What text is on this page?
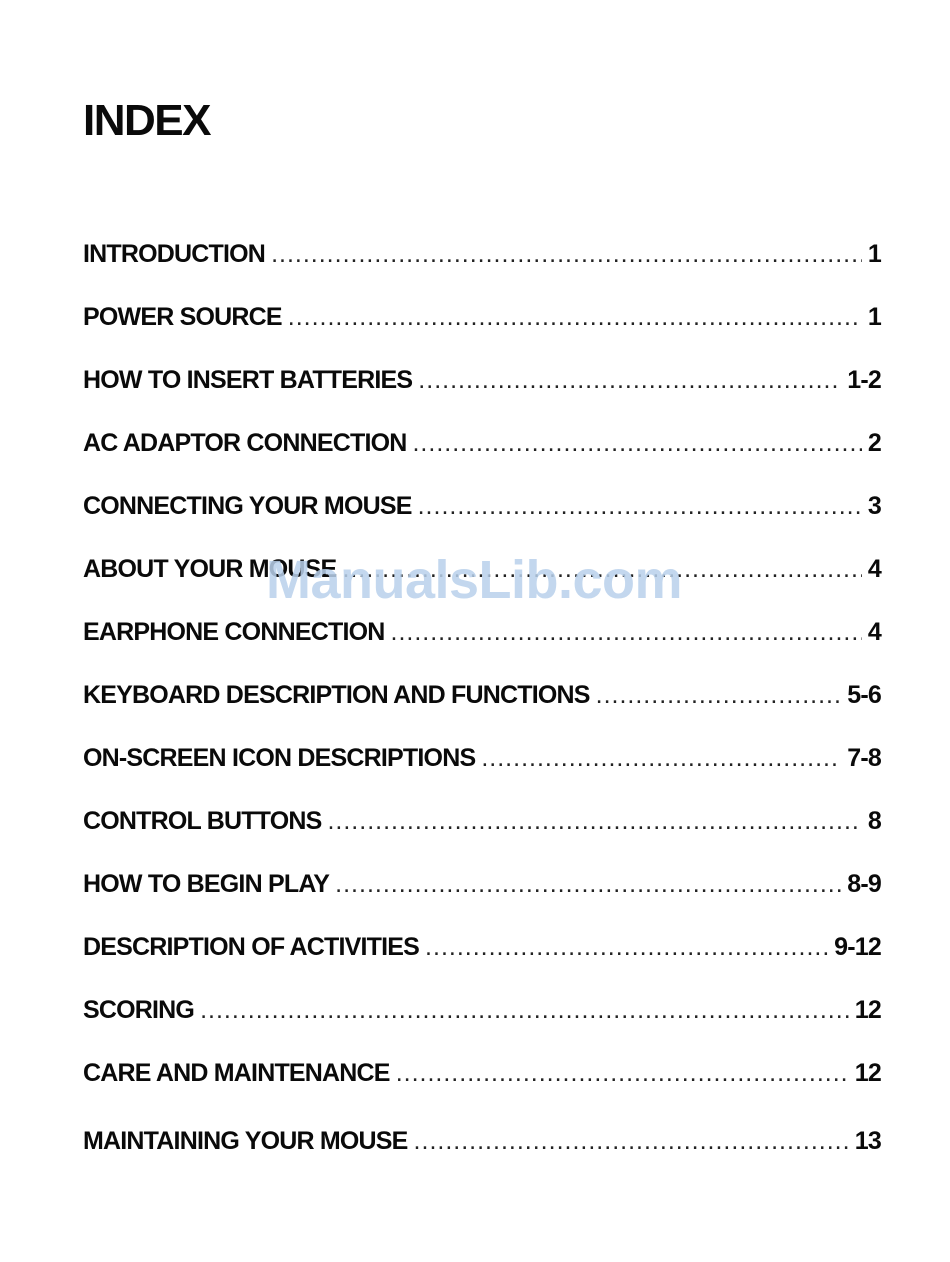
INDEX
INTRODUCTION .....	1
POWER SOURCE .....	1
HOW TO INSERT BATTERIES .....	1-2
AC ADAPTOR CONNECTION .....	2
CONNECTING YOUR MOUSE .....	3
ABOUT YOUR MOUSE .....	4
EARPHONE CONNECTION .....	4
KEYBOARD DESCRIPTION AND FUNCTIONS .....	5-6
ON-SCREEN ICON DESCRIPTIONS .....	7-8
CONTROL BUTTONS .....	8
HOW TO BEGIN PLAY .....	8-9
DESCRIPTION OF ACTIVITIES .....	9-12
SCORING .....	12
CARE AND MAINTENANCE .....	12
MAINTAINING YOUR MOUSE .....	13
ManualsLib.com
